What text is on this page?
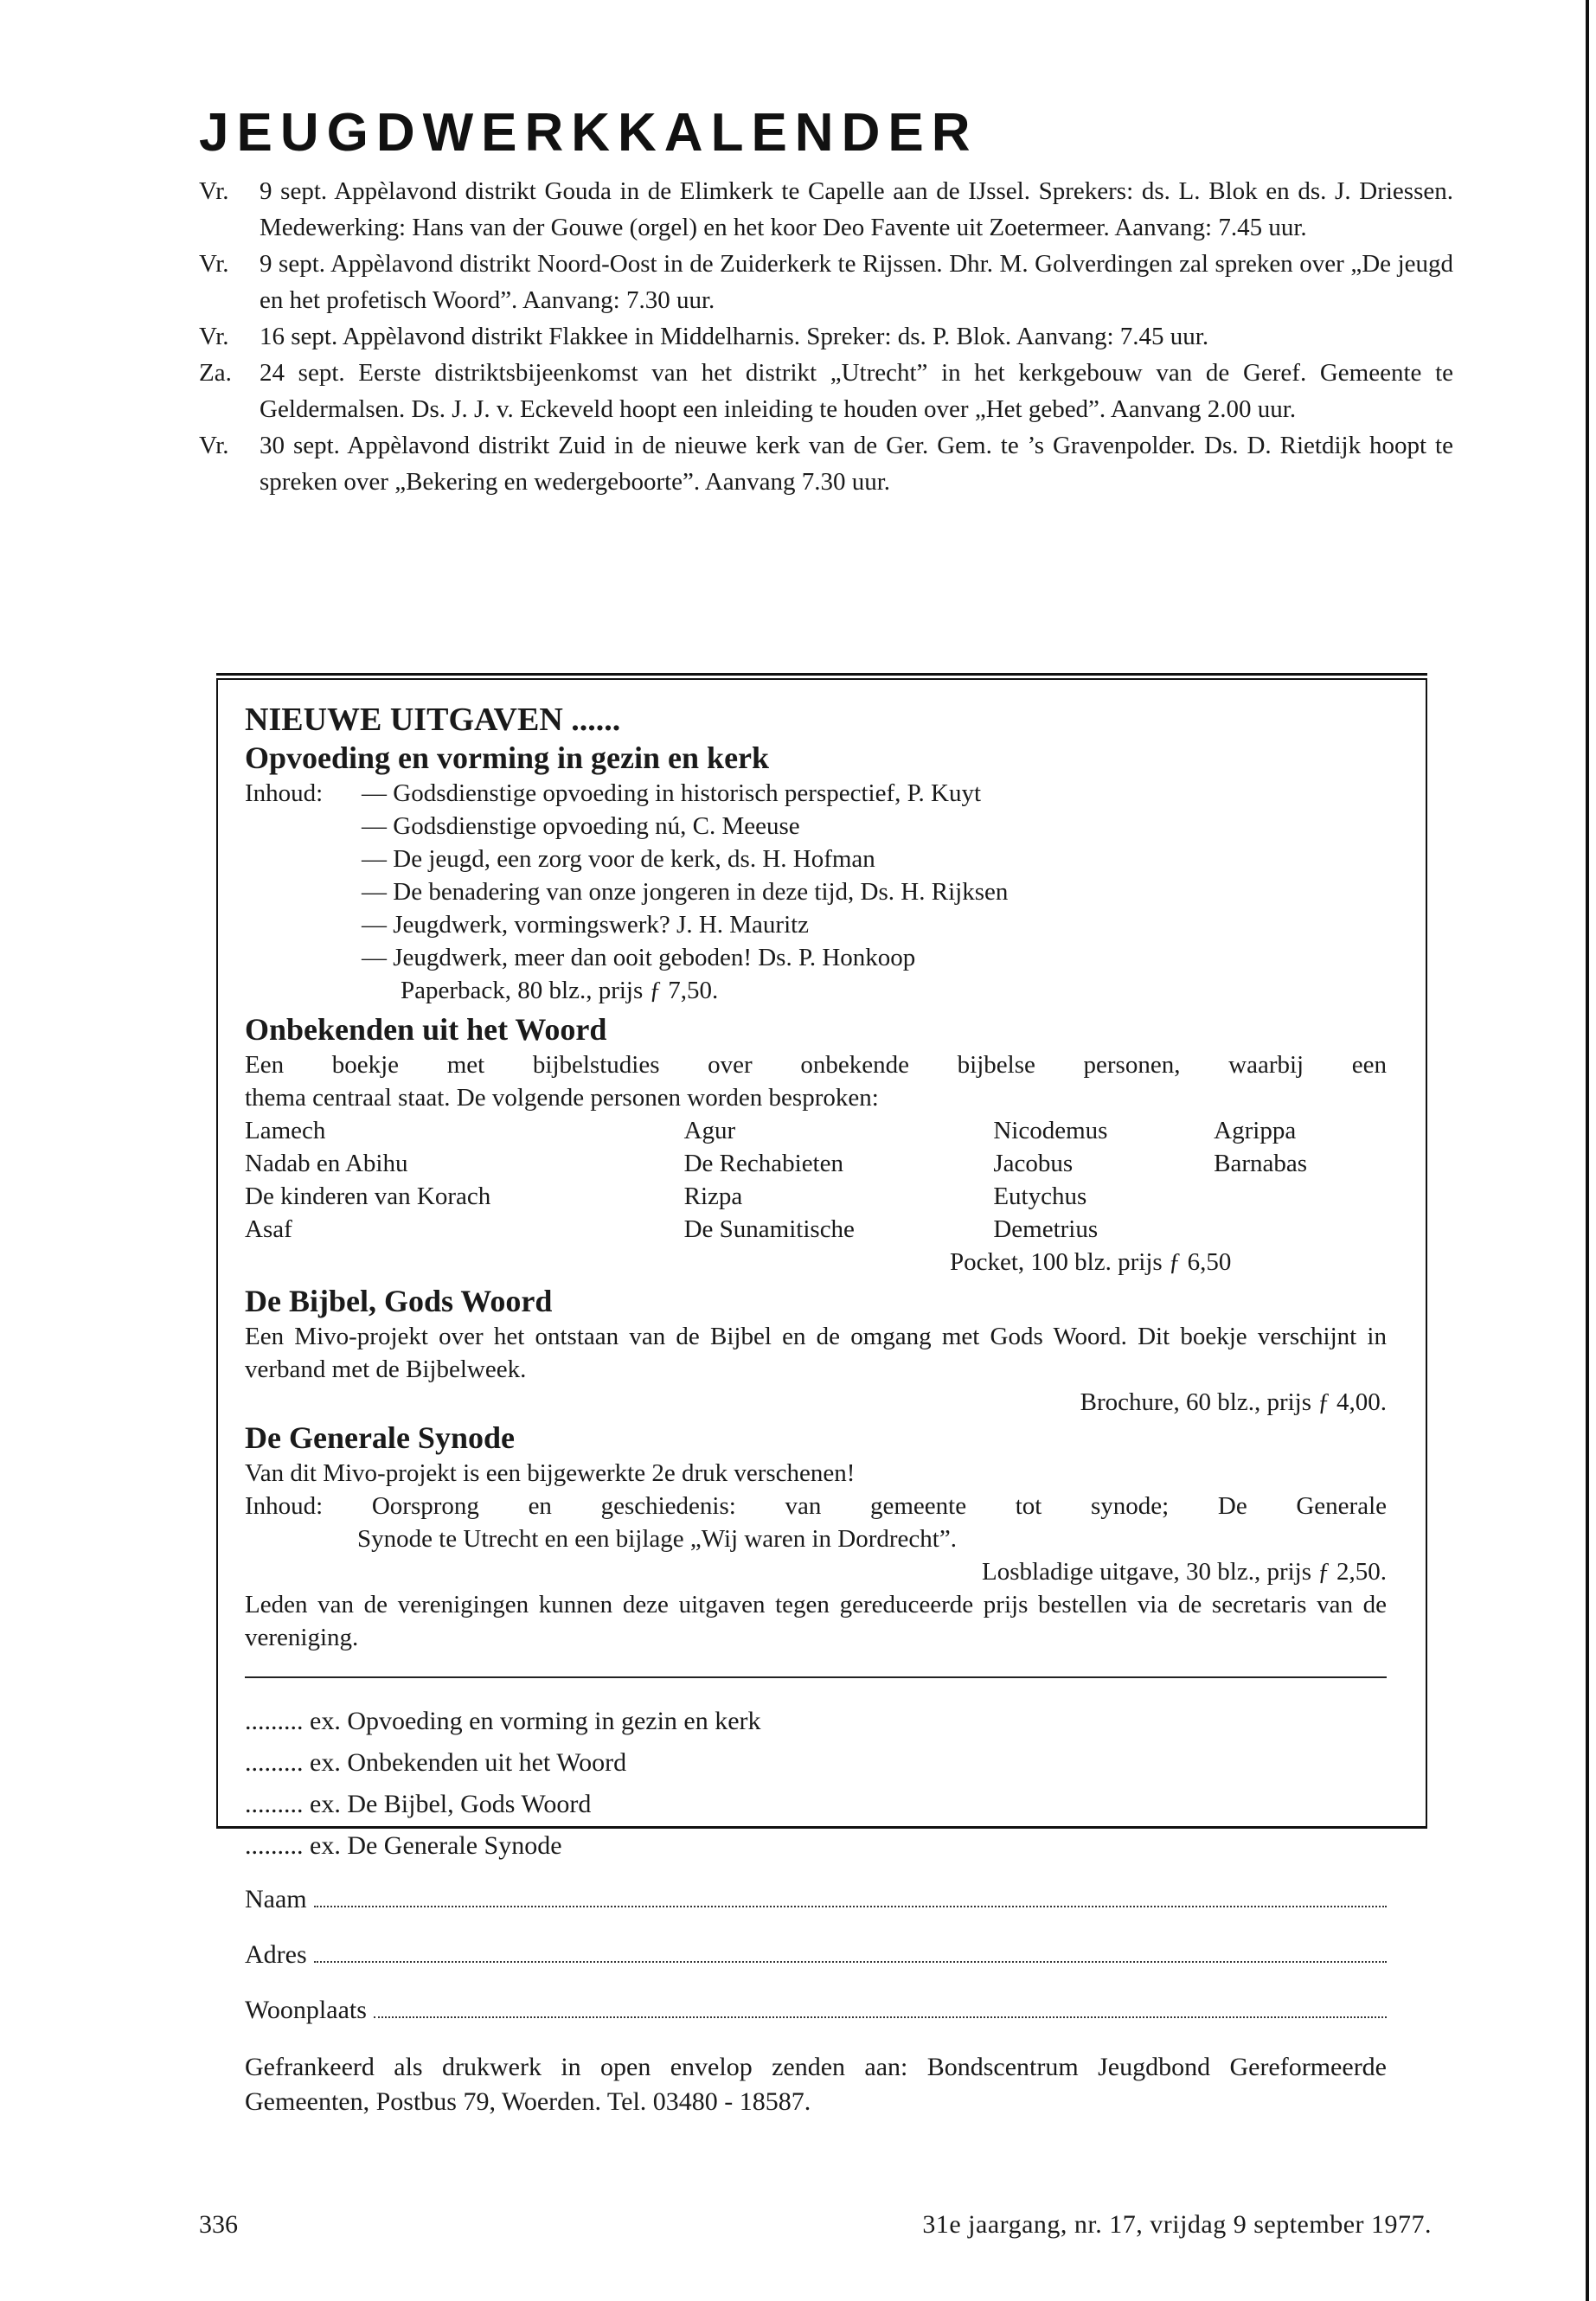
JEUGDWERKKALENDER
Vr.	9 sept. Appèlavond distrikt Gouda in de Elimkerk te Capelle aan de IJssel. Sprekers: ds. L. Blok en ds. J. Driessen. Medewerking: Hans van der Gouwe (orgel) en het koor Deo Favente uit Zoetermeer. Aanvang: 7.45 uur.
Vr.	9 sept. Appèlavond distrikt Noord-Oost in de Zuiderkerk te Rijssen. Dhr. M. Golverdingen zal spreken over „De jeugd en het profetisch Woord”. Aanvang: 7.30 uur.
Vr.	16 sept. Appèlavond distrikt Flakkee in Middelharnis. Spreker: ds. P. Blok. Aanvang: 7.45 uur.
Za.	24 sept. Eerste distriktsbijeenkomst van het distrikt „Utrecht” in het kerkgebouw van de Geref. Gemeente te Geldermalsen. Ds. J. J. v. Eckeveld hoopt een inleiding te houden over „Het gebed”. Aanvang 2.00 uur.
Vr.	30 sept. Appèlavond distrikt Zuid in de nieuwe kerk van de Ger. Gem. te ’s Gravenpolder. Ds. D. Rietdijk hoopt te spreken over „Bekering en wedergeboorte”. Aanvang 7.30 uur.
NIEUWE UITGAVEN ......
Opvoeding en vorming in gezin en kerk
Inhoud:	— Godsdienstige opvoeding in historisch perspectief, P. Kuyt
— Godsdienstige opvoeding nú, C. Meeuse
— De jeugd, een zorg voor de kerk, ds. H. Hofman
— De benadering van onze jongeren in deze tijd, Ds. H. Rijksen
— Jeugdwerk, vormingswerk? J. H. Mauritz
— Jeugdwerk, meer dan ooit geboden! Ds. P. Honkoop
Paperback, 80 blz., prijs ƒ 7,50.
Onbekenden uit het Woord
Een boekje met bijbelstudies over onbekende bijbelse personen, waarbij een
thema centraal staat. De volgende personen worden besproken:
Lamech	Agur	Nicodemus	Agrippa
Nadab en Abihu	De Rechabieten	Jacobus	Barnabas
De kinderen van Korach	Rizpa	Eutychus
Asaf	De Sunamitische	Demetrius
Pocket, 100 blz. prijs ƒ 6,50
De Bijbel, Gods Woord
Een Mivo-projekt over het ontstaan van de Bijbel en de omgang met Gods Woord. Dit boekje verschijnt in verband met de Bijbelweek.
Brochure, 60 blz., prijs ƒ 4,00.
De Generale Synode
Van dit Mivo-projekt is een bijgewerkte 2e druk verschenen!
Inhoud: Oorsprong en geschiedenis: van gemeente tot synode; De Generale
Synode te Utrecht en een bijlage „Wij waren in Dordrecht”.
Losbladige uitgave, 30 blz., prijs ƒ 2,50.
Leden van de verenigingen kunnen deze uitgaven tegen gereduceerde prijs bestellen via de secretaris van de vereniging.
......... ex. Opvoeding en vorming in gezin en kerk
......... ex. Onbekenden uit het Woord
......... ex. De Bijbel, Gods Woord
......... ex. De Generale Synode
Naam
Adres
Woonplaats
Gefrankeerd als drukwerk in open envelop zenden aan: Bondscentrum Jeugdbond Gereformeerde Gemeenten, Postbus 79, Woerden. Tel. 03480 - 18587.
336	31e jaargang, nr. 17, vrijdag 9 september 1977.
